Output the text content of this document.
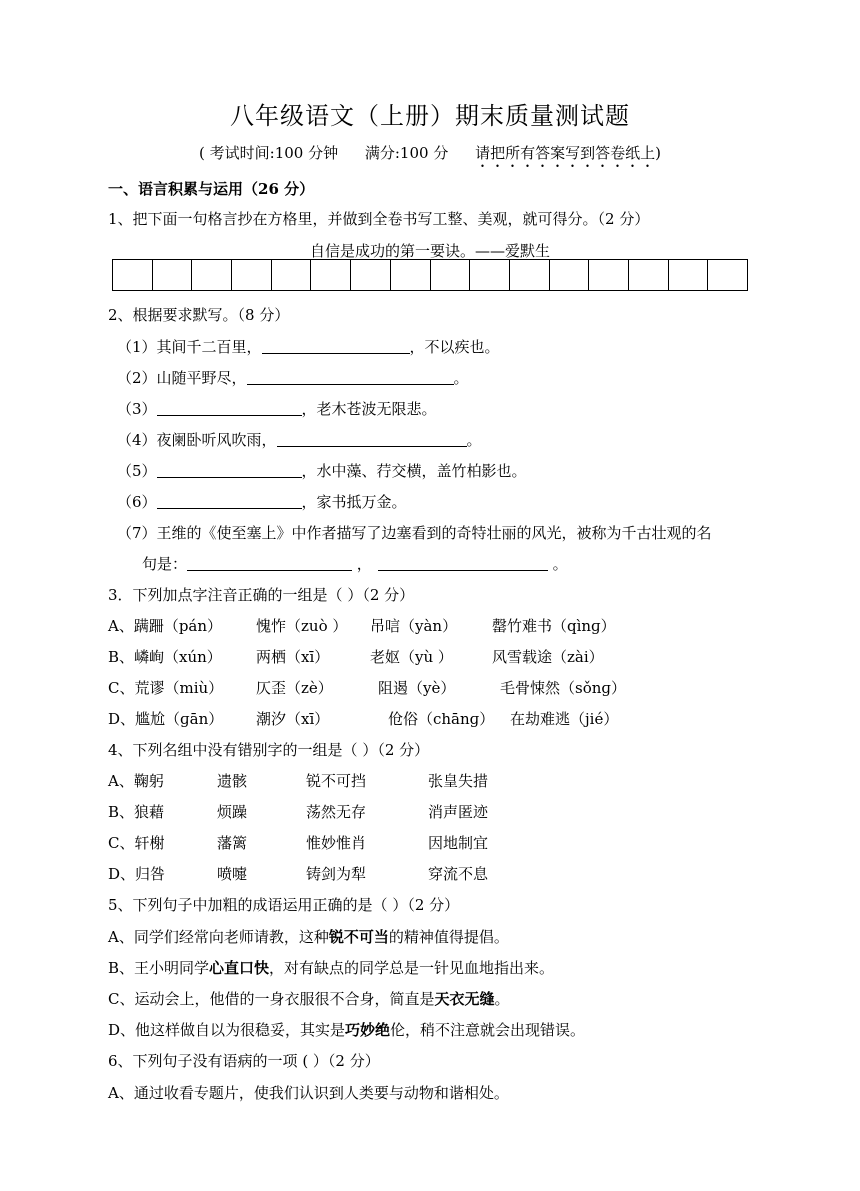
八年级语文（上册）期末质量测试题
( 考试时间:100 分钟 满分:100 分 请把所有答案写到答卷纸上)
一、语言积累与运用（26 分）
1、把下面一句格言抄在方格里，并做到全卷书写工整、美观，就可得分。（2 分）
自信是成功的第一要诀。——爱默生
2、根据要求默写。（8 分）
（1）其间千二百里，	，不以疾也。
（2）山随平野尽，	。
（3）	，老木苍波无限悲。
（4）夜阑卧听风吹雨，	。
（5）	，水中藻、荇交横，盖竹柏影也。
（6）	，家书抵万金。
（7）王维的《使至塞上》中作者描写了边塞看到的奇特壮丽的风光，被称为千古壮观的名
句是：	，	。
3．下列加点字注音正确的一组是（ ）（2 分）
A、蹒跚（pán） 愧怍（zuò ） 吊唁（yàn） 罄竹难书（qìnɡ）
B、嶙峋（xún） 两栖（xī）	老妪（yù ）	风雪载途（zài）
C、荒谬（miù） 仄歪（zè）	阻遏（yè）	毛骨悚然（sǒnɡ）
D、尴尬（ɡān） 潮汐（xī）	伧俗（chānɡ） 在劫难逃（jié）
4、下列名组中没有错别字的一组是（ ）（2 分）
A、鞠躬	遗骸	锐不可挡	张皇失措
B、狼藉	烦躁	荡然无存	消声匿迹
C、轩榭	藩篱	惟妙惟肖	因地制宜
D、归咎	喷嚏	铸剑为犁	穿流不息
5、下列句子中加粗的成语运用正确的是（ ）（2 分）
A、同学们经常向老师请教，这种锐不可当的精神值得提倡。
B、王小明同学心直口快，对有缺点的同学总是一针见血地指出来。
C、运动会上，他借的一身衣服很不合身，简直是天衣无缝。
D、他这样做自以为很稳妥，其实是巧妙绝伦，稍不注意就会出现错误。
6、下列句子没有语病的一项 ( ）（2 分）
A、通过收看专题片，使我们认识到人类要与动物和谐相处。
